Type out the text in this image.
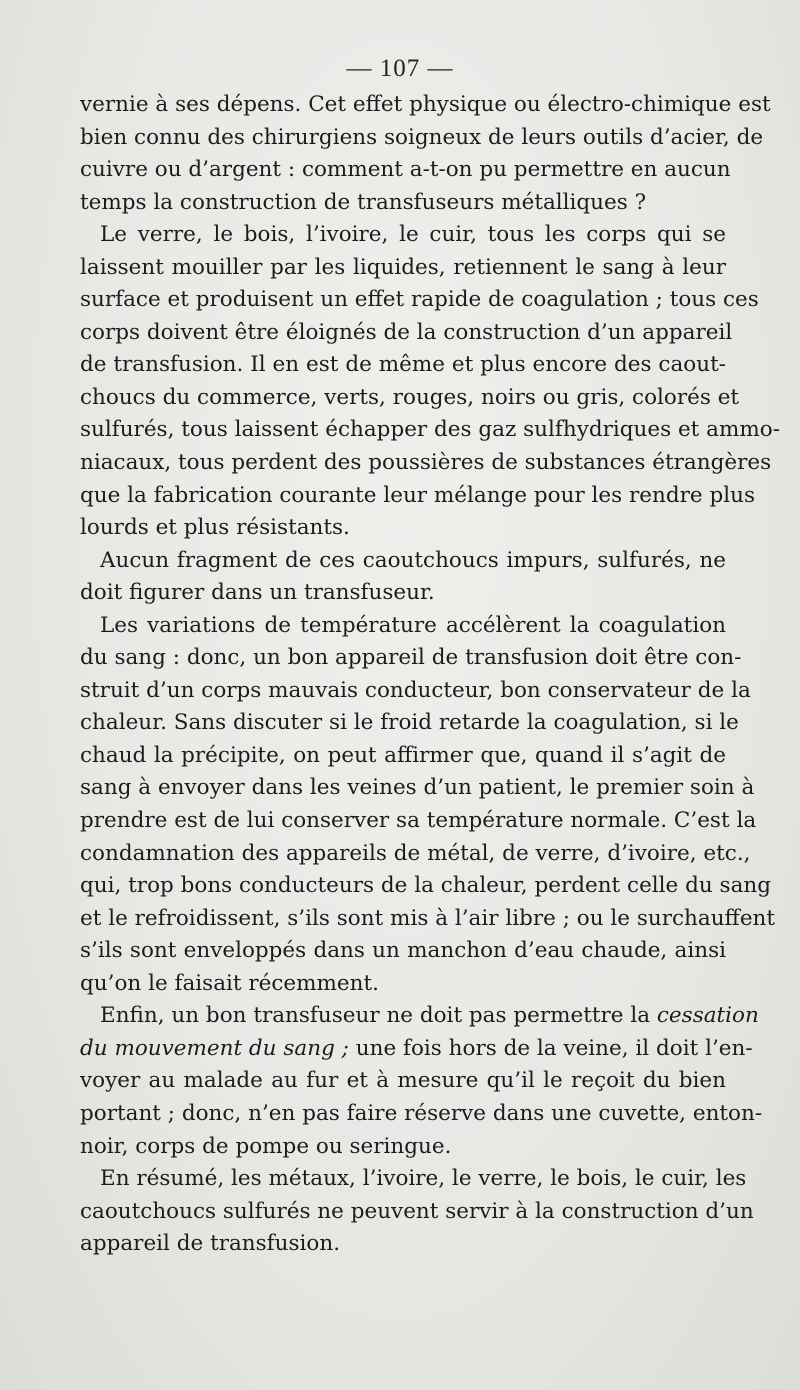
— 107 —
vernie à ses dépens. Cet effet physique ou électro-chimique est
bien connu des chirurgiens soigneux de leurs outils d’acier, de
cuivre ou d’argent : comment a-t-on pu permettre en aucun
temps la construction de transfuseurs métalliques ?
Le verre, le bois, l’ivoire, le cuir, tous les corps qui se
laissent mouiller par les liquides, retiennent le sang à leur
surface et produisent un effet rapide de coagulation ; tous ces
corps doivent être éloignés de la construction d’un appareil
de transfusion. Il en est de même et plus encore des caout-
choucs du commerce, verts, rouges, noirs ou gris, colorés et
sulfurés, tous laissent échapper des gaz sulfhydriques et ammo-
niacaux, tous perdent des poussières de substances étrangères
que la fabrication courante leur mélange pour les rendre plus
lourds et plus résistants.
Aucun fragment de ces caoutchoucs impurs, sulfurés, ne
doit figurer dans un transfuseur.
Les variations de température accélèrent la coagulation
du sang : donc, un bon appareil de transfusion doit être con-
struit d’un corps mauvais conducteur, bon conservateur de la
chaleur. Sans discuter si le froid retarde la coagulation, si le
chaud la précipite, on peut affirmer que, quand il s’agit de
sang à envoyer dans les veines d’un patient, le premier soin à
prendre est de lui conserver sa température normale. C’est la
condamnation des appareils de métal, de verre, d’ivoire, etc.,
qui, trop bons conducteurs de la chaleur, perdent celle du sang
et le refroidissent, s’ils sont mis à l’air libre ; ou le surchauffent
s’ils sont enveloppés dans un manchon d’eau chaude, ainsi
qu’on le faisait récemment.
Enfin, un bon transfuseur ne doit pas permettre la cessation
du mouvement du sang ; une fois hors de la veine, il doit l’en-
voyer au malade au fur et à mesure qu’il le reçoit du bien
portant ; donc, n’en pas faire réserve dans une cuvette, enton-
noir, corps de pompe ou seringue.
En résumé, les métaux, l’ivoire, le verre, le bois, le cuir, les
caoutchoucs sulfurés ne peuvent servir à la construction d’un
appareil de transfusion.
